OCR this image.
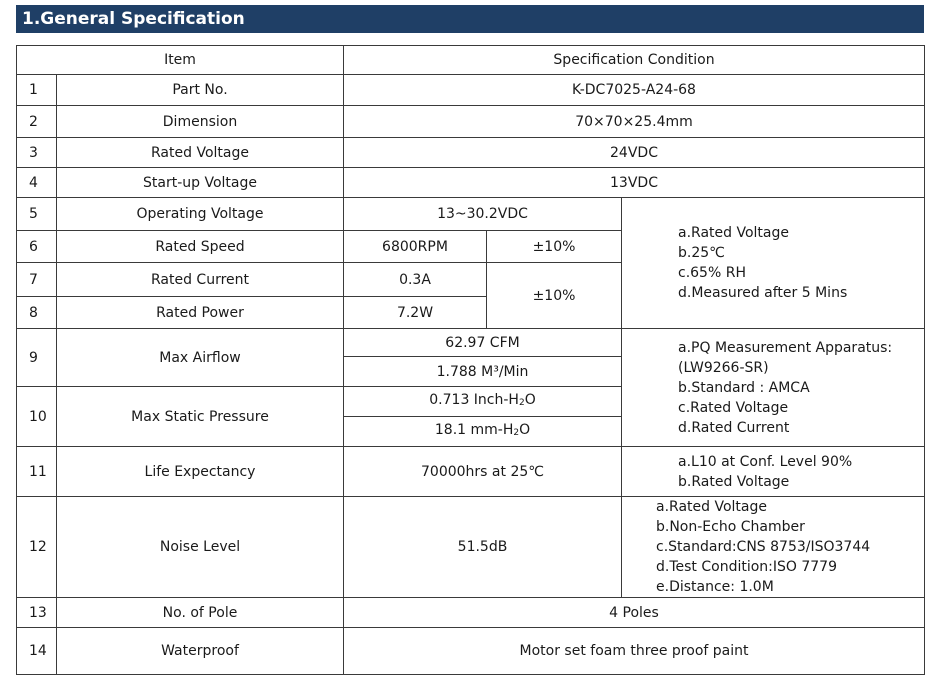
1.General Specification
Item		Specification Condition		
1	Part No.	K-DC7025-A24-68		
2	Dimension	70×70×25.4mm		
3	Rated Voltage	24VDC		
4	Start-up Voltage	13VDC		
5	Operating Voltage	13~30.2VDC		a.Rated Voltage
b.25℃
c.65% RH
d.Measured after 5 Mins

6	Rated Speed	6800RPM	±10%	
7	Rated Current	0.3A	±10%	
8	Rated Power	7.2W		
9	Max Airflow	62.97 CFM		a.PQ Measurement Apparatus:
(LW9266-SR)
b.Standard : AMCA
c.Rated Voltage
d.Rated Current

		1.788 M³/Min		
10	Max Static Pressure	0.713 Inch-H2O		
		18.1 mm-H2O		
11	Life Expectancy	70000hrs at 25℃		a.L10 at Conf. Level 90%
b.Rated Voltage

12	Noise Level	51.5dB		a.Rated Voltage
b.Non-Echo Chamber
c.Standard:CNS 8753/ISO3744
d.Test Condition:ISO 7779
e.Distance: 1.0M

13	No. of Pole	4 Poles		
14	Waterproof	Motor set foam three proof paint		
